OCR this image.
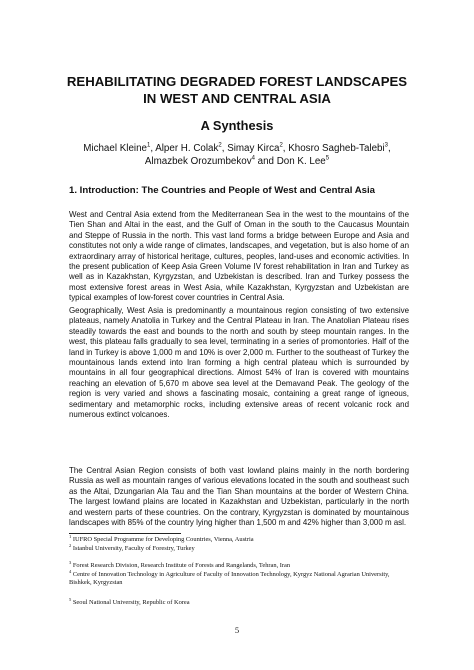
REHABILITATING DEGRADED FOREST LANDSCAPES
IN WEST AND CENTRAL ASIA
A Synthesis
Michael Kleine$^1$, Alper H. Colak$^2$, Simay Kirca$^2$, Khosro Sagheb-Talebi$^3$,
Almazbek Orozumbekov$^4$ and Don K. Lee$^5$
1. Introduction: The Countries and People of West and Central Asia

West and Central Asia extend from the Mediterranean Sea in the west to the mountains of the Tien Shan and Altai in the east, and the Gulf of Oman in the south to the Caucasus Mountain and Steppe of Russia in the north. This vast land forms a bridge between Europe and Asia and constitutes not only a wide range of climates, landscapes, and vegetation, but is also home of an extraordinary array of historical heritage, cultures, peoples, land-uses and economic activities. In the present publication of Keep Asia Green Volume IV forest rehabilitation in Iran and Turkey as well as in Kazakhstan, Kyrgyzstan, and Uzbekistan is described. Iran and Turkey possess the most extensive forest areas in West Asia, while Kazakhstan, Kyrgyzstan and Uzbekistan are typical examples of low-forest cover countries in Central Asia.

Geographically, West Asia is predominantly a mountainous region consisting of two extensive plateaus, namely Anatolia in Turkey and the Central Plateau in Iran. The Anatolian Plateau rises steadily towards the east and bounds to the north and south by steep mountain ranges. In the west, this plateau falls gradually to sea level, terminating in a series of promontories. Half of the land in Turkey is above 1,000 m and 10% is over 2,000 m. Further to the southeast of Turkey the mountainous lands extend into Iran forming a high central plateau which is surrounded by mountains in all four geographical directions. Almost 54% of Iran is covered with mountains reaching an elevation of 5,670 m above sea level at the Demavand Peak. The geology of the region is very varied and shows a fascinating mosaic, containing a great range of igneous, sedimentary and metamorphic rocks, including extensive areas of recent volcanic rock and numerous extinct volcanoes.

The Central Asian Region consists of both vast lowland plains mainly in the north bordering Russia as well as mountain ranges of various elevations located in the south and southeast such as the Altai, Dzungarian Ala Tau and the Tian Shan mountains at the border of Western China. The largest lowland plains are located in Kazakhstan and Uzbekistan, particularly in the north and western parts of these countries. On the contrary, Kyrgyzstan is dominated by mountainous landscapes with 85% of the country lying higher than 1,500 m and 42% higher than 3,000 m asl.

$^1$ IUFRO Special Programme for Developing Countries, Vienna, Austria
$^2$ Istanbul University, Faculty of Forestry, Turkey
$^3$ Forest Research Division, Research Institute of Forests and Rangelands, Tehran, Iran
$^4$ Centre of Innovation Technology in Agriculture of Faculty of Innovation Technology, Kyrgyz National Agrarian University, Bishkek, Kyrgyzstan
$^5$ Seoul National University, Republic of Korea
5
